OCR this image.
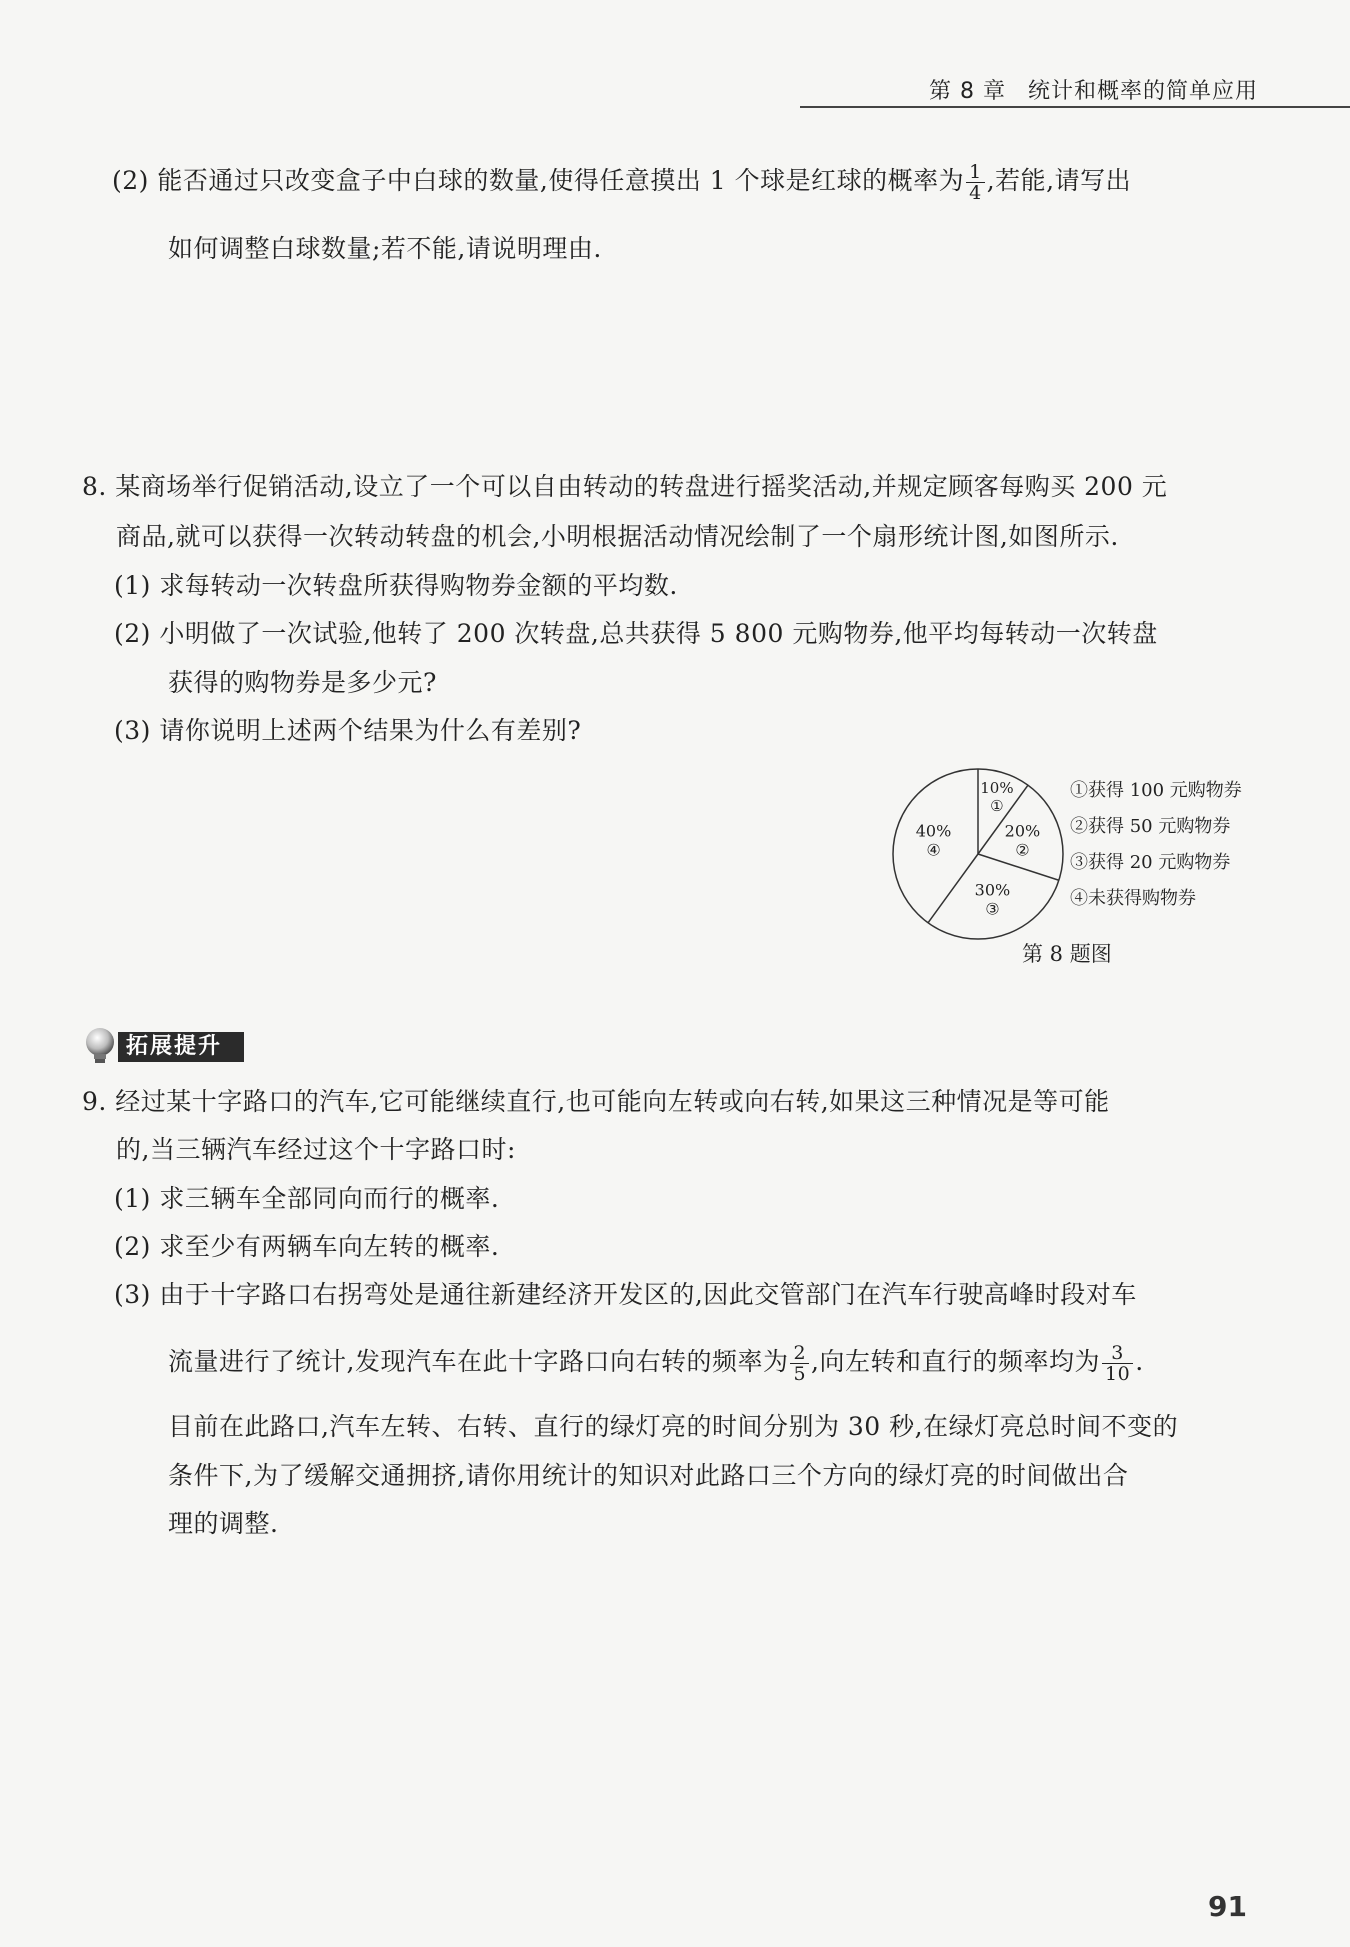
第 8 章 统计和概率的简单应用
(2) 能否通过只改变盒子中白球的数量,使得任意摸出 1 个球是红球的概率为 $\frac{1}{4}$ ,若能,请写出
如何调整白球数量;若不能,请说明理由.
8. 某商场举行促销活动,设立了一个可以自由转动的转盘进行摇奖活动,并规定顾客每购买 200 元
商品,就可以获得一次转动转盘的机会,小明根据活动情况绘制了一个扇形统计图,如图所示.
(1) 求每转动一次转盘所获得购物券金额的平均数.
(2) 小明做了一次试验,他转了 200 次转盘,总共获得 5 800 元购物券,他平均每转动一次转盘
获得的购物券是多少元?
(3) 请你说明上述两个结果为什么有差别?
10%
①
20%
②
30%
③
40%
④
①获得 100 元购物券
②获得 50 元购物券
③获得 20 元购物券
④未获得购物券
第 8 题图
拓展提升
9. 经过某十字路口的汽车,它可能继续直行,也可能向左转或向右转,如果这三种情况是等可能
的,当三辆汽车经过这个十字路口时:
(1) 求三辆车全部同向而行的概率.
(2) 求至少有两辆车向左转的概率.
(3) 由于十字路口右拐弯处是通往新建经济开发区的,因此交管部门在汽车行驶高峰时段对车
流量进行了统计,发现汽车在此十字路口向右转的频率为 $\frac{2}{5}$ ,向左转和直行的频率均为 $\frac{3}{10}$ .
目前在此路口,汽车左转、右转、直行的绿灯亮的时间分别为 30 秒,在绿灯亮总时间不变的
条件下,为了缓解交通拥挤,请你用统计的知识对此路口三个方向的绿灯亮的时间做出合
理的调整.
91
